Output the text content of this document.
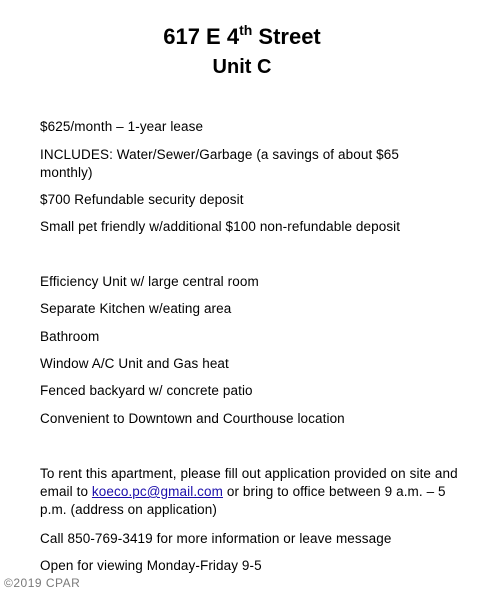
617 E 4th Street
Unit C
$625/month – 1-year lease
INCLUDES: Water/Sewer/Garbage (a savings of about $65 monthly)
$700 Refundable security deposit
Small pet friendly w/additional $100 non-refundable deposit
Efficiency Unit w/ large central room
Separate Kitchen w/eating area
Bathroom
Window A/C Unit and Gas heat
Fenced backyard w/ concrete patio
Convenient to Downtown and Courthouse location
To rent this apartment, please fill out application provided on site and email to koeco.pc@gmail.com or bring to office between 9 a.m. – 5 p.m. (address on application)
Call 850-769-3419 for more information or leave message
Open for viewing Monday-Friday 9-5
©2019 CPAR
